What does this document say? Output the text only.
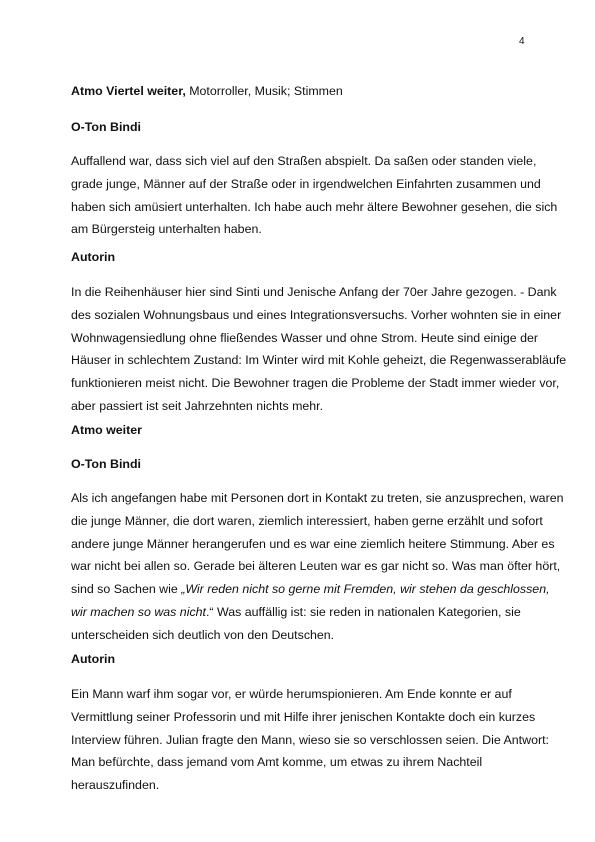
4

Atmo Viertel weiter, Motorroller, Musik; Stimmen

O-Ton Bindi

Auffallend war, dass sich viel auf den Straßen abspielt. Da saßen oder standen viele,
grade junge, Männer auf der Straße oder in irgendwelchen Einfahrten zusammen und
haben sich amüsiert unterhalten. Ich habe auch mehr ältere Bewohner gesehen, die sich
am Bürgersteig unterhalten haben.

Autorin

In die Reihenhäuser hier sind Sinti und Jenische Anfang der 70er Jahre gezogen. - Dank
des sozialen Wohnungsbaus und eines Integrationsversuchs. Vorher wohnten sie in einer
Wohnwagensiedlung ohne fließendes Wasser und ohne Strom. Heute sind einige der
Häuser in schlechtem Zustand: Im Winter wird mit Kohle geheizt, die Regenwasserabläufe
funktionieren meist nicht. Die Bewohner tragen die Probleme der Stadt immer wieder vor,
aber passiert ist seit Jahrzehnten nichts mehr.

Atmo weiter

O-Ton Bindi

Als ich angefangen habe mit Personen dort in Kontakt zu treten, sie anzusprechen, waren
die junge Männer, die dort waren, ziemlich interessiert, haben gerne erzählt und sofort
andere junge Männer herangerufen und es war eine ziemlich heitere Stimmung. Aber es
war nicht bei allen so. Gerade bei älteren Leuten war es gar nicht so. Was man öfter hört,
sind so Sachen wie „Wir reden nicht so gerne mit Fremden, wir stehen da geschlossen,
wir machen so was nicht.“ Was auffällig ist: sie reden in nationalen Kategorien, sie
unterscheiden sich deutlich von den Deutschen.

Autorin

Ein Mann warf ihm sogar vor, er würde herumspionieren. Am Ende konnte er auf
Vermittlung seiner Professorin und mit Hilfe ihrer jenischen Kontakte doch ein kurzes
Interview führen. Julian fragte den Mann, wieso sie so verschlossen seien. Die Antwort:
Man befürchte, dass jemand vom Amt komme, um etwas zu ihrem Nachteil
herauszufinden.
